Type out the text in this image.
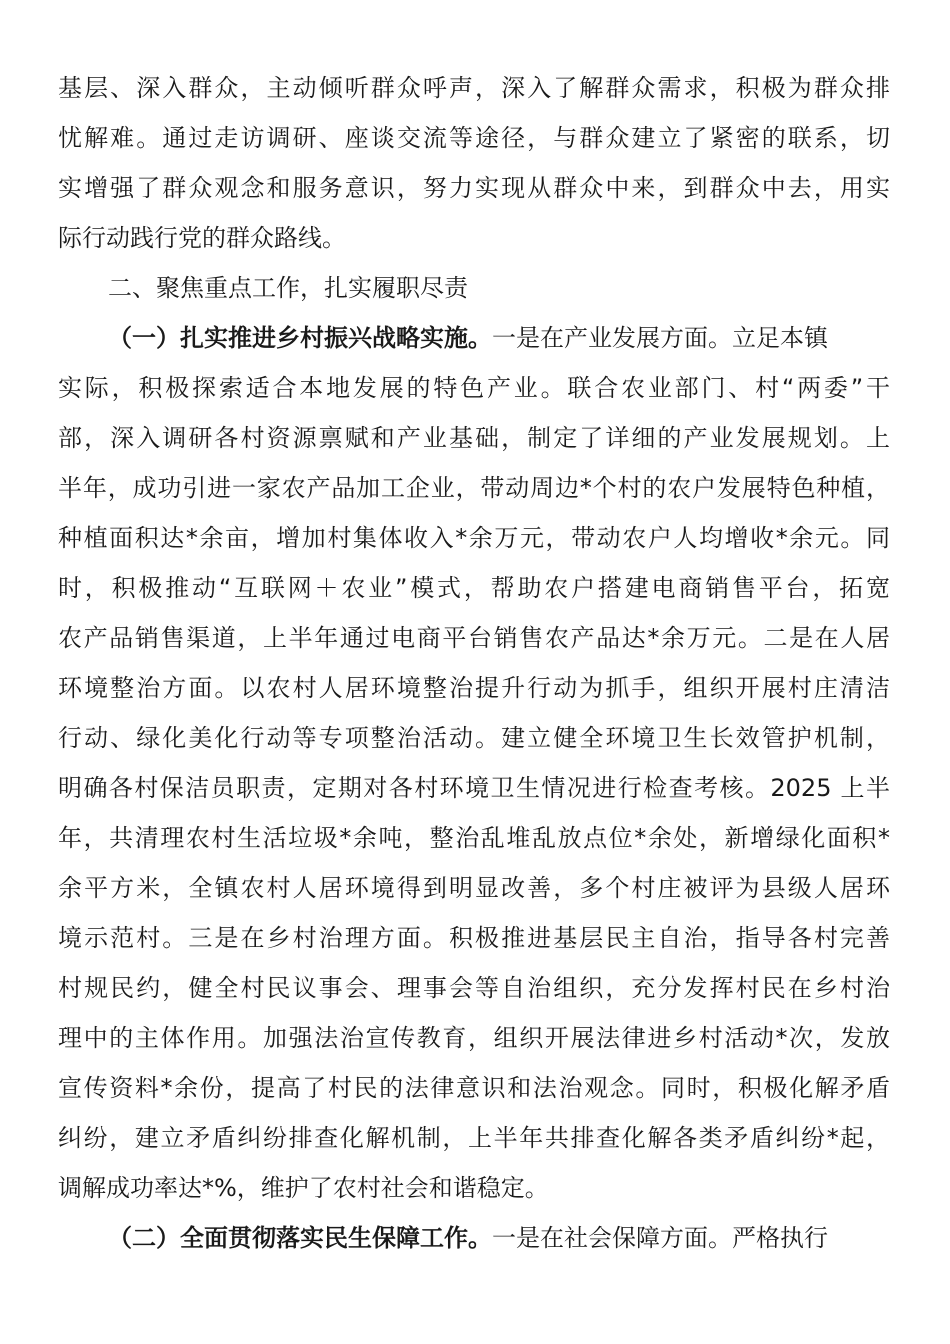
基层、深入群众，主动倾听群众呼声，深入了解群众需求，积极为群众排
忧解难。通过走访调研、座谈交流等途径，与群众建立了紧密的联系，切
实增强了群众观念和服务意识，努力实现从群众中来，到群众中去，用实
际行动践行党的群众路线。
二、聚焦重点工作，扎实履职尽责
（一）扎实推进乡村振兴战略实施。一是在产业发展方面。立足本镇
实际，积极探索适合本地发展的特色产业。联合农业部门、村“两委”干
部，深入调研各村资源禀赋和产业基础，制定了详细的产业发展规划。上
半年，成功引进一家农产品加工企业，带动周边*个村的农户发展特色种植，
种植面积达*余亩，增加村集体收入*余万元，带动农户人均增收*余元。同
时，积极推动“互联网＋农业”模式，帮助农户搭建电商销售平台，拓宽
农产品销售渠道，上半年通过电商平台销售农产品达*余万元。二是在人居
环境整治方面。以农村人居环境整治提升行动为抓手，组织开展村庄清洁
行动、绿化美化行动等专项整治活动。建立健全环境卫生长效管护机制，
明确各村保洁员职责，定期对各村环境卫生情况进行检查考核。2025 上半
年，共清理农村生活垃圾*余吨，整治乱堆乱放点位*余处，新增绿化面积*
余平方米，全镇农村人居环境得到明显改善，多个村庄被评为县级人居环
境示范村。三是在乡村治理方面。积极推进基层民主自治，指导各村完善
村规民约，健全村民议事会、理事会等自治组织，充分发挥村民在乡村治
理中的主体作用。加强法治宣传教育，组织开展法律进乡村活动*次，发放
宣传资料*余份，提高了村民的法律意识和法治观念。同时，积极化解矛盾
纠纷，建立矛盾纠纷排查化解机制，上半年共排查化解各类矛盾纠纷*起，
调解成功率达*%，维护了农村社会和谐稳定。
（二）全面贯彻落实民生保障工作。一是在社会保障方面。严格执行
